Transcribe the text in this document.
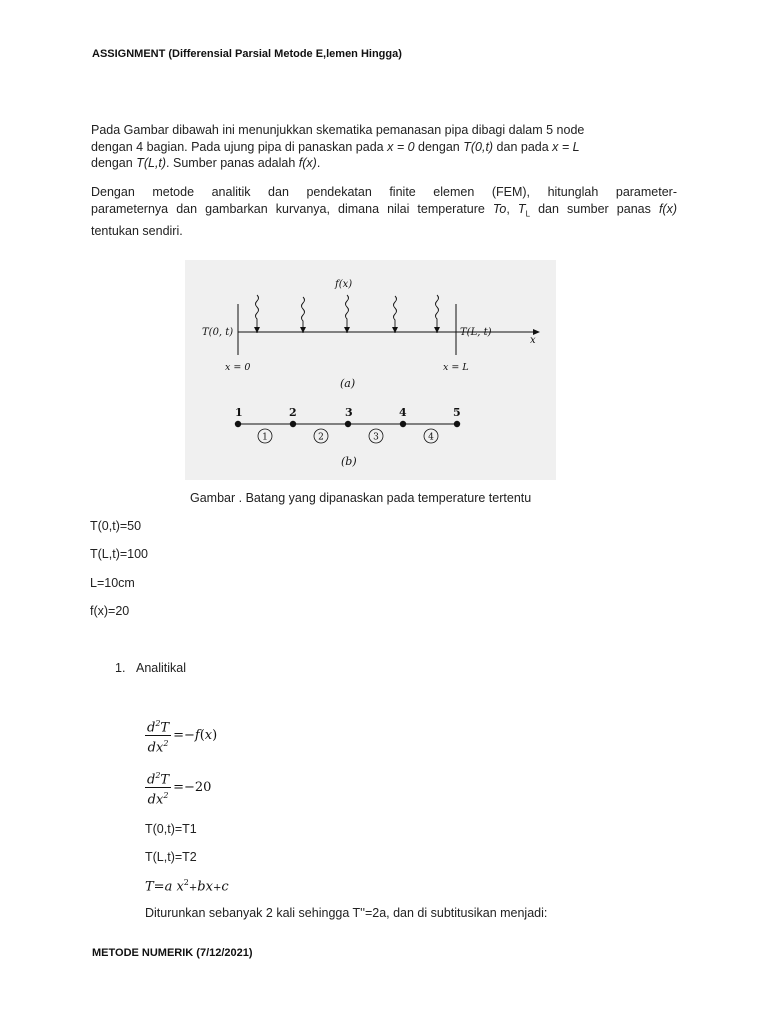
ASSIGNMENT (Differensial Parsial Metode E,lemen Hingga)
Pada Gambar dibawah ini menunjukkan skematika pemanasan pipa dibagi dalam 5 node
dengan 4 bagian. Pada ujung pipa di panaskan pada x = 0 dengan T(0,t) dan pada x = L
dengan T(L,t). Sumber panas adalah f(x).
Dengan metode analitik dan pendekatan finite elemen (FEM), hitunglah parameter-
parameternya dan gambarkan kurvanya, dimana nilai temperature To, $T_L$ dan sumber panas f(x)
tentukan sendiri.
f(x)
T(0, t)	T(L, t)
x
x = 0	x = L
(a)
1	2	3	4	5
1	2	3	4
(b)
Gambar . Batang yang dipanaskan pada temperature tertentu
T(0,t)=50
T(L,t)=100
L=10cm
f(x)=20
1. Analitikal
$\frac{d^2T}{dx^2} =-f(x)$
$\frac{d^2T}{dx^2} =-20$
T(0,t)=T1
T(L,t)=T2
T=a $x^2+bx+c$
Diturunkan sebanyak 2 kali sehingga T''=2a, dan di subtitusikan menjadi:
METODE NUMERIK (7/12/2021)
